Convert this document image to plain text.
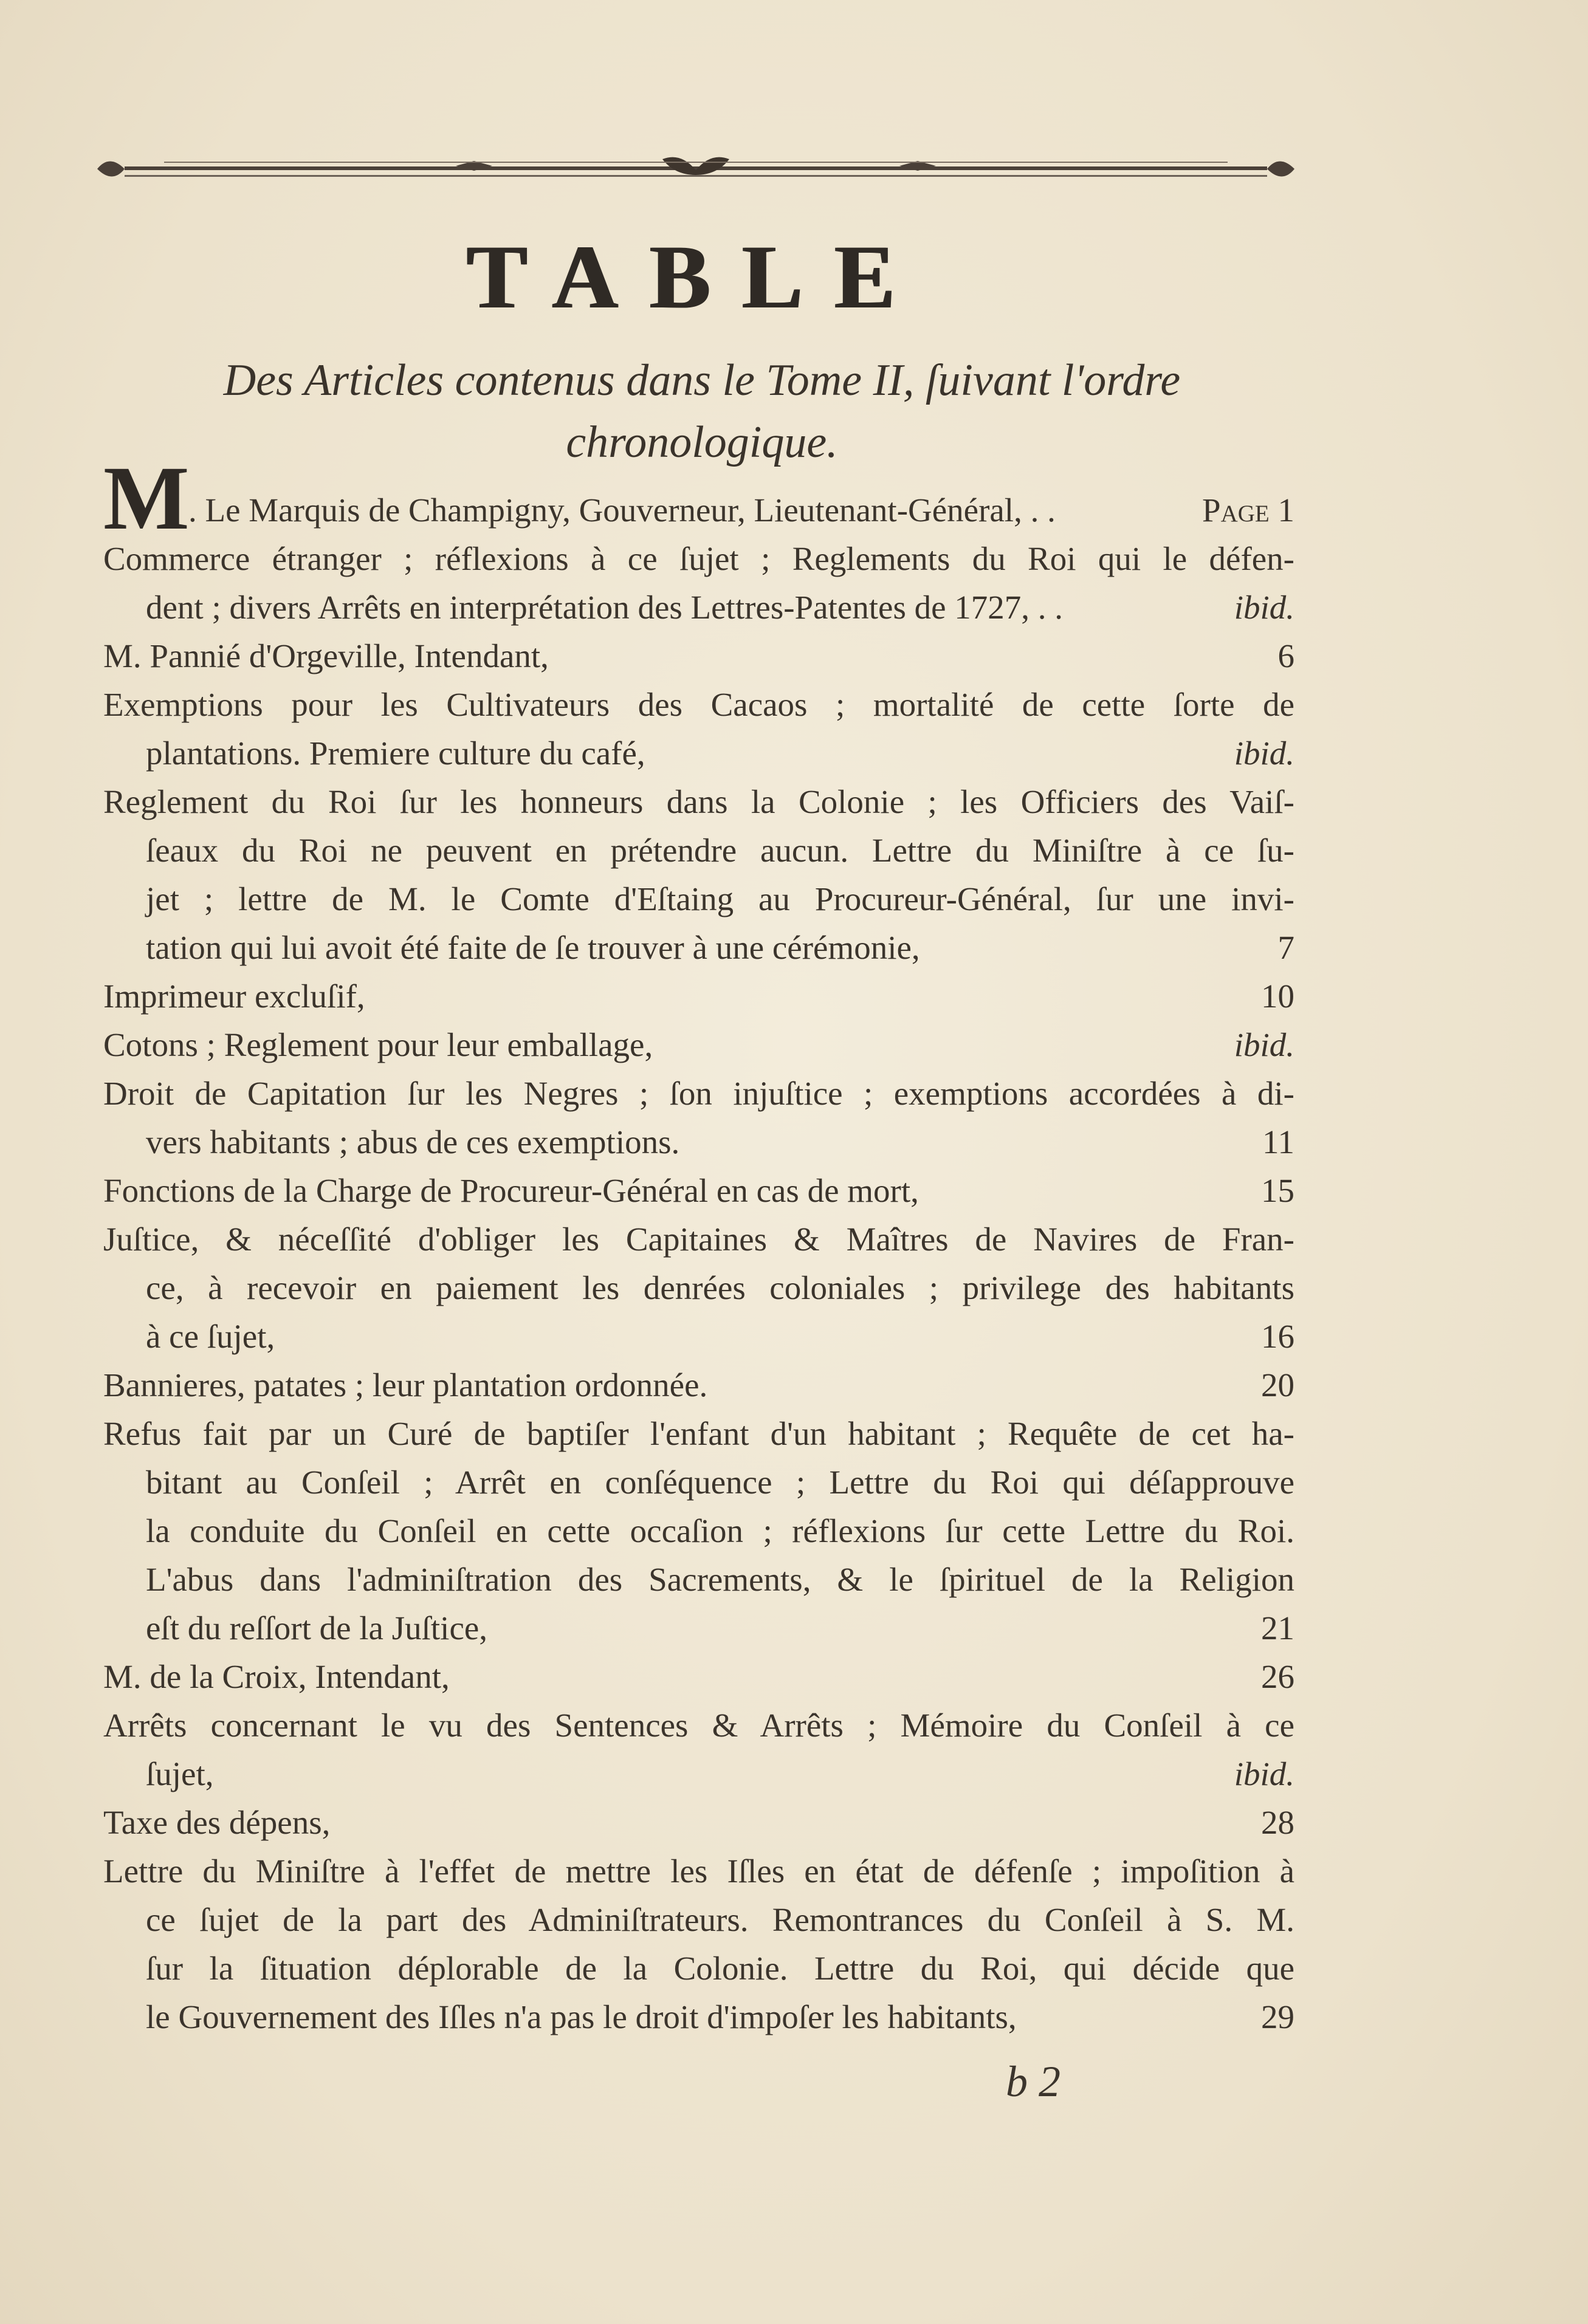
TABLE
Des Articles contenus dans le Tome II, ſuivant l'ordre
chronologique.
M
. Le Marquis de Champigny, Gouverneur, Lieutenant-Général, . .	Page 1
Commerce étranger ; réflexions à ce ſujet ; Reglements du Roi qui le défen-
dent ; divers Arrêts en interprétation des Lettres-Patentes de 1727, . .	ibid.
M. Pannié d'Orgeville, Intendant,	6
Exemptions pour les Cultivateurs des Cacaos ; mortalité de cette ſorte de
plantations. Premiere culture du café,	ibid.
Reglement du Roi ſur les honneurs dans la Colonie ; les Officiers des Vaiſ-
ſeaux du Roi ne peuvent en prétendre aucun. Lettre du Miniſtre à ce ſu-
jet ; lettre de M. le Comte d'Eſtaing au Procureur-Général, ſur une invi-
tation qui lui avoit été faite de ſe trouver à une cérémonie,	7
Imprimeur excluſif,	10
Cotons ; Reglement pour leur emballage,	ibid.
Droit de Capitation ſur les Negres ; ſon injuſtice ; exemptions accordées à di-
vers habitants ; abus de ces exemptions.	11
Fonctions de la Charge de Procureur-Général en cas de mort,	15
Juſtice, & néceſſité d'obliger les Capitaines & Maîtres de Navires de Fran-
ce, à recevoir en paiement les denrées coloniales ; privilege des habitants
à ce ſujet,	16
Bannieres, patates ; leur plantation ordonnée.	20
Refus fait par un Curé de baptiſer l'enfant d'un habitant ; Requête de cet ha-
bitant au Conſeil ; Arrêt en conſéquence ; Lettre du Roi qui déſapprouve
la conduite du Conſeil en cette occaſion ; réflexions ſur cette Lettre du Roi.
L'abus dans l'adminiſtration des Sacrements, & le ſpirituel de la Religion
eſt du reſſort de la Juſtice,	21
M. de la Croix, Intendant,	26
Arrêts concernant le vu des Sentences & Arrêts ; Mémoire du Conſeil à ce
ſujet,	ibid.
Taxe des dépens,	28
Lettre du Miniſtre à l'effet de mettre les Iſles en état de défenſe ; impoſition à
ce ſujet de la part des Adminiſtrateurs. Remontrances du Conſeil à S. M.
ſur la ſituation déplorable de la Colonie. Lettre du Roi, qui décide que
le Gouvernement des Iſles n'a pas le droit d'impoſer les habitants,	29
b 2
